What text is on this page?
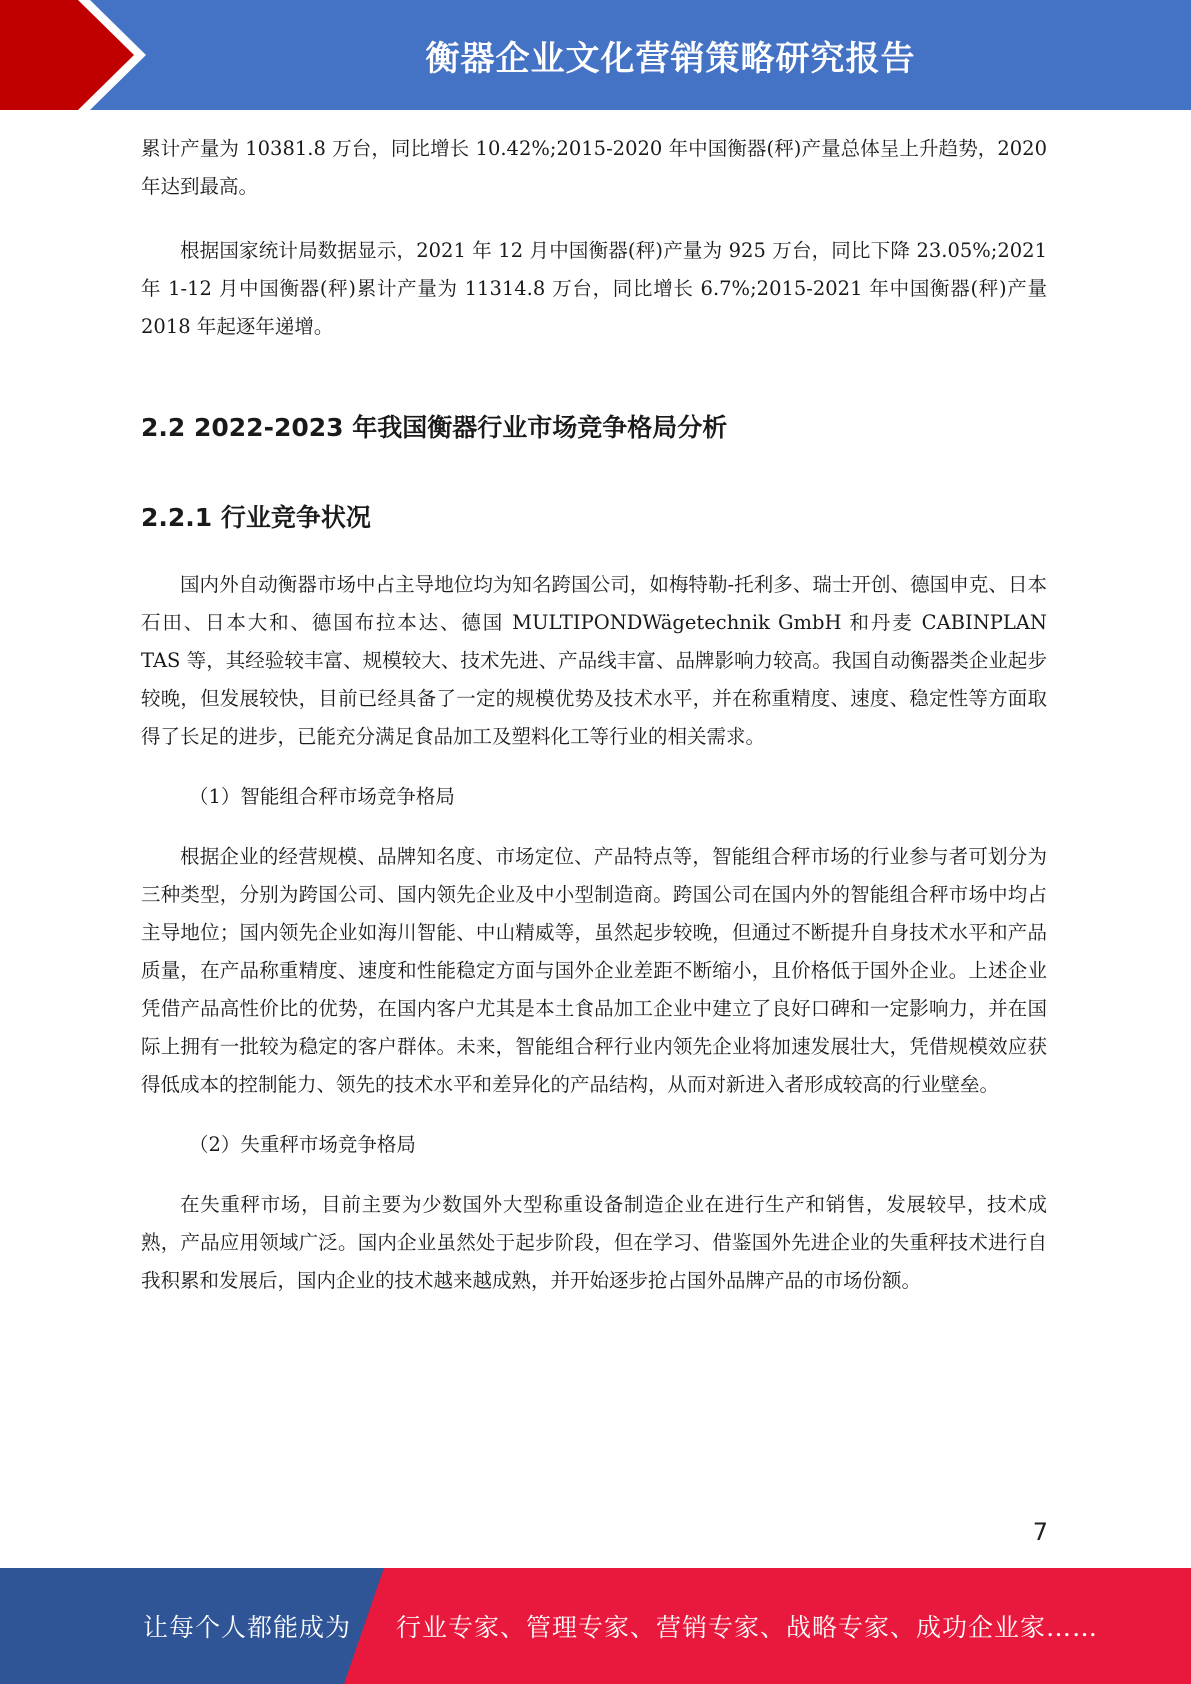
衡器企业文化营销策略研究报告

累计产量为 10381.8 万台，同比增长 10.42%;2015-2020 年中国衡器(秤)产量总体呈上升趋势，2020 年达到最高。

根据国家统计局数据显示，2021 年 12 月中国衡器(秤)产量为 925 万台，同比下降 23.05%;2021 年 1-12 月中国衡器(秤)累计产量为 11314.8 万台，同比增长 6.7%;2015-2021 年中国衡器(秤)产量 2018 年起逐年递增。

2.2 2022-2023 年我国衡器行业市场竞争格局分析
2.2.1 行业竞争状况

国内外自动衡器市场中占主导地位均为知名跨国公司，如梅特勒-托利多、瑞士开创、德国申克、日本石田、日本大和、德国布拉本达、德国 MULTIPONDWägetechnik GmbH 和丹麦 CABINPLAN TAS 等，其经验较丰富、规模较大、技术先进、产品线丰富、品牌影响力较高。我国自动衡器类企业起步较晚，但发展较快，目前已经具备了一定的规模优势及技术水平，并在称重精度、速度、稳定性等方面取得了长足的进步，已能充分满足食品加工及塑料化工等行业的相关需求。

（1）智能组合秤市场竞争格局

根据企业的经营规模、品牌知名度、市场定位、产品特点等，智能组合秤市场的行业参与者可划分为三种类型，分别为跨国公司、国内领先企业及中小型制造商。跨国公司在国内外的智能组合秤市场中均占主导地位；国内领先企业如海川智能、中山精威等，虽然起步较晚，但通过不断提升自身技术水平和产品质量，在产品称重精度、速度和性能稳定方面与国外企业差距不断缩小，且价格低于国外企业。上述企业凭借产品高性价比的优势，在国内客户尤其是本土食品加工企业中建立了良好口碑和一定影响力，并在国际上拥有一批较为稳定的客户群体。未来，智能组合秤行业内领先企业将加速发展壮大，凭借规模效应获得低成本的控制能力、领先的技术水平和差异化的产品结构，从而对新进入者形成较高的行业壁垒。

（2）失重秤市场竞争格局

在失重秤市场，目前主要为少数国外大型称重设备制造企业在进行生产和销售，发展较早，技术成熟，产品应用领域广泛。国内企业虽然处于起步阶段，但在学习、借鉴国外先进企业的失重秤技术进行自我积累和发展后，国内企业的技术越来越成熟，并开始逐步抢占国外品牌产品的市场份额。

7
让每个人都能成为 行业专家、管理专家、营销专家、战略专家、成功企业家……
